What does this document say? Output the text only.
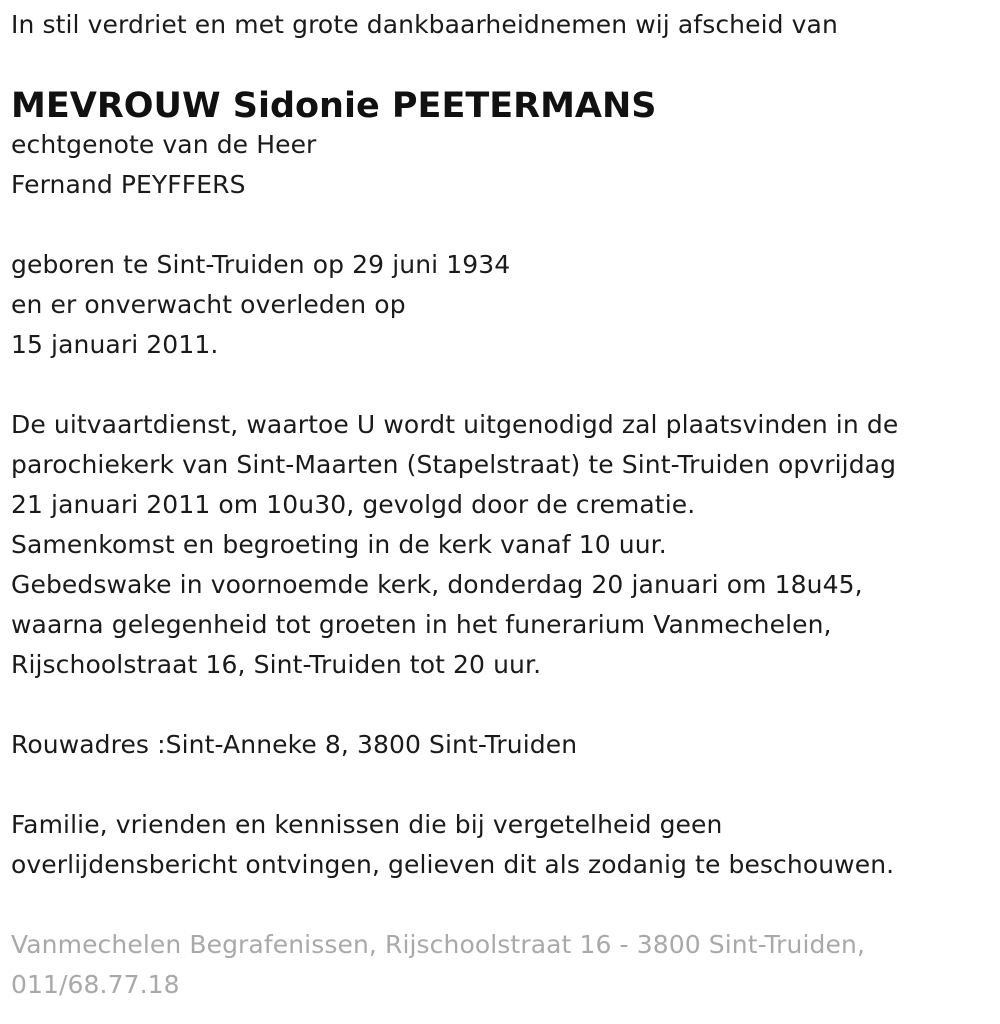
In stil verdriet en met grote dankbaarheidnemen wij afscheid van
MEVROUW Sidonie PEETERMANS
echtgenote van de Heer
Fernand PEYFFERS
geboren te Sint-Truiden op 29 juni 1934
en er onverwacht overleden op
15 januari 2011.
De uitvaartdienst, waartoe U wordt uitgenodigd zal plaatsvinden in de
parochiekerk van Sint-Maarten (Stapelstraat) te Sint-Truiden opvrijdag
21 januari 2011 om 10u30, gevolgd door de crematie.
Samenkomst en begroeting in de kerk vanaf 10 uur.
Gebedswake in voornoemde kerk, donderdag 20 januari om 18u45,
waarna gelegenheid tot groeten in het funerarium Vanmechelen,
Rijschoolstraat 16, Sint-Truiden tot 20 uur.
Rouwadres :Sint-Anneke 8, 3800 Sint-Truiden
Familie, vrienden en kennissen die bij vergetelheid geen
overlijdensbericht ontvingen, gelieven dit als zodanig te beschouwen.
Vanmechelen Begrafenissen, Rijschoolstraat 16 - 3800 Sint-Truiden,
011/68.77.18
